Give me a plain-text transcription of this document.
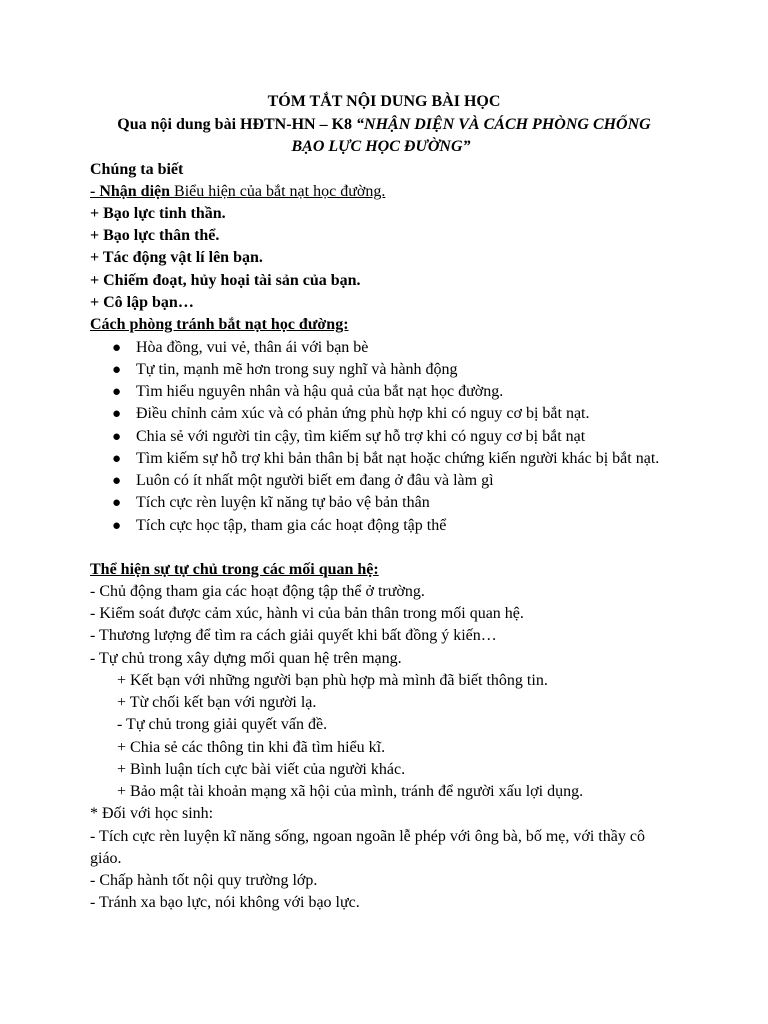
TÓM TẮT NỘI DUNG BÀI HỌC
Qua nội dung bài HĐTN-HN – K8 “NHẬN DIỆN VÀ CÁCH PHÒNG CHỐNG
BẠO LỰC HỌC ĐƯỜNG”
Chúng ta biết
- Nhận diện Biểu hiện của bắt nạt học đường.
+ Bạo lực tinh thần.
+ Bạo lực thân thể.
+ Tác động vật lí lên bạn.
+ Chiếm đoạt, hủy hoại tài sản của bạn.
+ Cô lập bạn…
Cách phòng tránh bắt nạt học đường:
● Hòa đồng, vui vẻ, thân ái với bạn bè
● Tự tin, mạnh mẽ hơn trong suy nghĩ và hành động
● Tìm hiểu nguyên nhân và hậu quả của bắt nạt học đường.
● Điều chỉnh cảm xúc và có phản ứng phù hợp khi có nguy cơ bị bắt nạt.
● Chia sẻ với người tin cậy, tìm kiếm sự hỗ trợ khi có nguy cơ bị bắt nạt
● Tìm kiếm sự hỗ trợ khi bản thân bị bắt nạt hoặc chứng kiến người khác bị bắt nạt.
● Luôn có ít nhất một người biết em đang ở đâu và làm gì
● Tích cực rèn luyện kĩ năng tự bảo vệ bản thân
● Tích cực học tập, tham gia các hoạt động tập thể
Thể hiện sự tự chủ trong các mối quan hệ:
- Chủ động tham gia các hoạt động tập thể ở trường.
- Kiểm soát được cảm xúc, hành vi của bản thân trong mối quan hệ.
- Thương lượng để tìm ra cách giải quyết khi bất đồng ý kiến…
- Tự chủ trong xây dựng mối quan hệ trên mạng.
+ Kết bạn với những người bạn phù hợp mà mình đã biết thông tin.
+ Từ chối kết bạn với người lạ.
- Tự chủ trong giải quyết vấn đề.
+ Chia sẻ các thông tin khi đã tìm hiểu kĩ.
+ Bình luận tích cực bài viết của người khác.
+ Bảo mật tài khoản mạng xã hội của mình, tránh để người xấu lợi dụng.
* Đối với học sinh:
- Tích cực rèn luyện kĩ năng sống, ngoan ngoãn lễ phép với ông bà, bố mẹ, với thầy cô
giáo.
- Chấp hành tốt nội quy trường lớp.
- Tránh xa bạo lực, nói không với bạo lực.
